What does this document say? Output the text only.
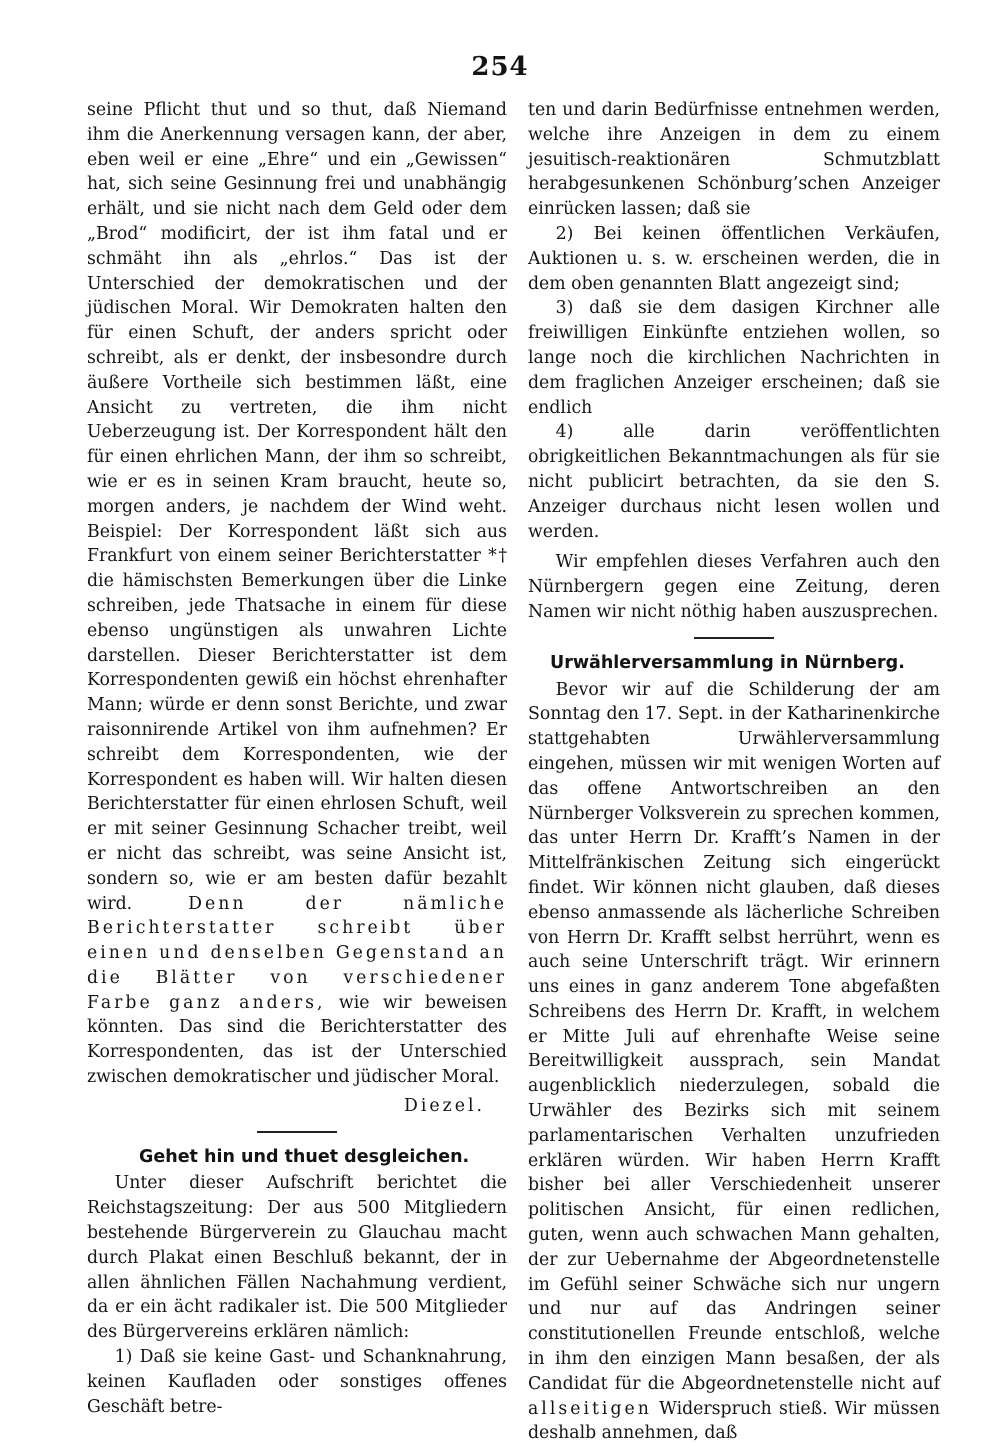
254

seine Pflicht thut und so thut, daß Niemand ihm die Anerkennung versagen kann, der aber, eben weil er eine „Ehre“ und ein „Gewissen“ hat, sich seine Gesinnung frei und unabhängig erhält, und sie nicht nach dem Geld oder dem „Brod“ modificirt, der ist ihm fatal und er schmäht ihn als „ehrlos.“ Das ist der Unterschied der demokratischen und der jüdischen Moral. Wir Demokraten halten den für einen Schuft, der anders spricht oder schreibt, als er denkt, der insbesondre durch äußere Vortheile sich bestimmen läßt, eine Ansicht zu vertreten, die ihm nicht Ueberzeugung ist. Der Korrespondent hält den für einen ehrlichen Mann, der ihm so schreibt, wie er es in seinen Kram braucht, heute so, morgen anders, je nachdem der Wind weht. Beispiel: Der Korrespondent läßt sich aus Frankfurt von einem seiner Berichterstatter *† die hämischsten Bemerkungen über die Linke schreiben, jede Thatsache in einem für diese ebenso ungünstigen als unwahren Lichte darstellen. Dieser Berichterstatter ist dem Korrespondenten gewiß ein höchst ehrenhafter Mann; würde er denn sonst Berichte, und zwar raisonnirende Artikel von ihm aufnehmen? Er schreibt dem Korrespondenten, wie der Korrespondent es haben will. Wir halten diesen Berichterstatter für einen ehrlosen Schuft, weil er mit seiner Gesinnung Schacher treibt, weil er nicht das schreibt, was seine Ansicht ist, sondern so, wie er am besten dafür bezahlt wird.	Denn der nämliche Berichterstatter schreibt über einen und denselben Gegenstand an die Blätter von verschiedener Farbe ganz anders, wie wir beweisen könnten. Das sind die Berichterstatter des Korrespondenten, das ist der Unterschied zwischen demokratischer und jüdischer Moral.

Diezel.

Gehet hin und thuet desgleichen.

Unter dieser Aufschrift berichtet die Reichstagszeitung: Der aus 500 Mitgliedern bestehende Bürgerverein zu Glauchau macht durch Plakat einen Beschluß bekannt, der in allen ähnlichen Fällen Nachahmung verdient, da er ein ächt radikaler ist. Die 500 Mitglieder des Bürgervereins erklären nämlich:

1) Daß sie keine Gast- und Schanknahrung, keinen Kaufladen oder sonstiges offenes Geschäft betre-

ten und darin Bedürfnisse entnehmen werden, welche ihre Anzeigen in dem zu einem jesuitisch-reaktionären Schmutzblatt herabgesunkenen Schönburg’schen Anzeiger einrücken lassen; daß sie

2) Bei keinen öffentlichen Verkäufen, Auktionen u. s. w. erscheinen werden, die in dem oben genannten Blatt angezeigt sind;

3) daß sie dem dasigen Kirchner alle freiwilligen Einkünfte entziehen wollen, so lange noch die kirchlichen Nachrichten in dem fraglichen Anzeiger erscheinen; daß sie endlich

4) alle darin veröffentlichten obrigkeitlichen Bekanntmachungen als für sie nicht publicirt betrachten, da sie den S. Anzeiger durchaus nicht lesen wollen und werden.

Wir empfehlen dieses Verfahren auch den Nürnbergern gegen eine Zeitung, deren Namen wir nicht nöthig haben auszusprechen.

Urwählerversammlung in Nürnberg.

Bevor wir auf die Schilderung der am Sonntag den 17. Sept. in der Katharinenkirche stattgehabten Urwählerversammlung eingehen, müssen wir mit wenigen Worten auf das offene Antwortschreiben an den Nürnberger Volksverein zu sprechen kommen, das unter Herrn Dr. Krafft’s Namen in der Mittelfränkischen Zeitung sich eingerückt findet. Wir können nicht glauben, daß dieses ebenso anmassende als lächerliche Schreiben von Herrn Dr. Krafft selbst herrührt, wenn es auch seine Unterschrift trägt. Wir erinnern uns eines in ganz anderem Tone abgefaßten Schreibens des Herrn Dr. Krafft, in welchem er Mitte Juli auf ehrenhafte Weise seine Bereitwilligkeit aussprach, sein Mandat augenblicklich niederzulegen, sobald die Urwähler des Bezirks sich mit seinem parlamentarischen Verhalten unzufrieden erklären würden. Wir haben Herrn Krafft bisher bei aller Verschiedenheit unserer politischen Ansicht, für einen redlichen, guten, wenn auch schwachen Mann gehalten, der zur Uebernahme der Abgeordnetenstelle im Gefühl seiner Schwäche sich nur ungern und nur auf das Andringen seiner constitutionellen Freunde entschloß, welche in ihm den einzigen Mann besaßen, der als Candidat für die Abgeordnetenstelle nicht auf allseitigen Widerspruch stieß. Wir müssen deshalb annehmen, daß
